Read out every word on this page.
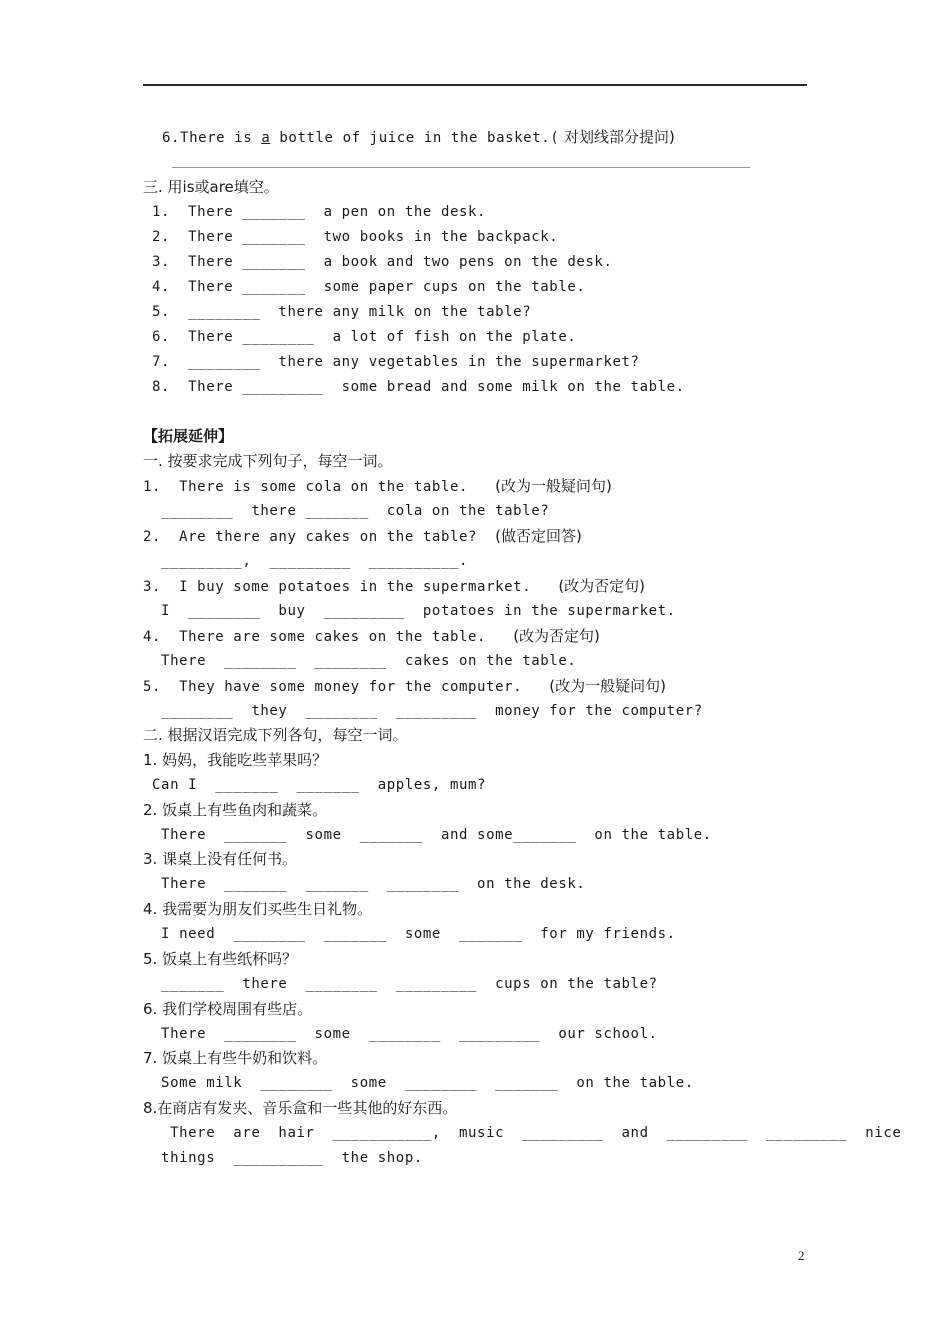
6.There is a bottle of juice in the basket.( 对划线部分提问)
三. 用is或are填空。
1.  There _______  a pen on the desk.
2.  There _______  two books in the backpack.
3.  There _______  a book and two pens on the desk.
4.  There _______  some paper cups on the table.
5.  ________  there any milk on the table?
6.  There ________  a lot of fish on the plate.
7.  ________  there any vegetables in the supermarket?
8.  There _________  some bread and some milk on the table.
【拓展延伸】
一. 按要求完成下列句子，每空一词。
1.  There is some cola on the table.   (改为一般疑问句)
________  there _______  cola on the table?
2.  Are there any cakes on the table?  (做否定回答)
_________,  _________  __________.
3.  I buy some potatoes in the supermarket.   (改为否定句)
I  ________  buy  _________  potatoes in the supermarket.
4.  There are some cakes on the table.   (改为否定句)
There  ________  ________  cakes on the table.
5.  They have some money for the computer.   (改为一般疑问句)
________  they  ________  _________  money for the computer?
二. 根据汉语完成下列各句，每空一词。
1. 妈妈，我能吃些苹果吗？
Can I  _______  _______  apples, mum?
2. 饭桌上有些鱼肉和蔬菜。
There  _______  some  _______  and some_______  on the table.
3. 课桌上没有任何书。
There  _______  _______  ________  on the desk.
4. 我需要为朋友们买些生日礼物。
I need  ________  _______  some  _______  for my friends.
5. 饭桌上有些纸杯吗？
_______  there  ________  _________  cups on the table?
6. 我们学校周围有些店。
There  ________  some  ________  _________  our school.
7. 饭桌上有些牛奶和饮料。
Some milk  ________  some  ________  _______  on the table.
8.在商店有发夹、音乐盒和一些其他的好东西。
There  are  hair  ___________,  music  _________  and  _________  _________  nice
things  __________  the shop.
2
